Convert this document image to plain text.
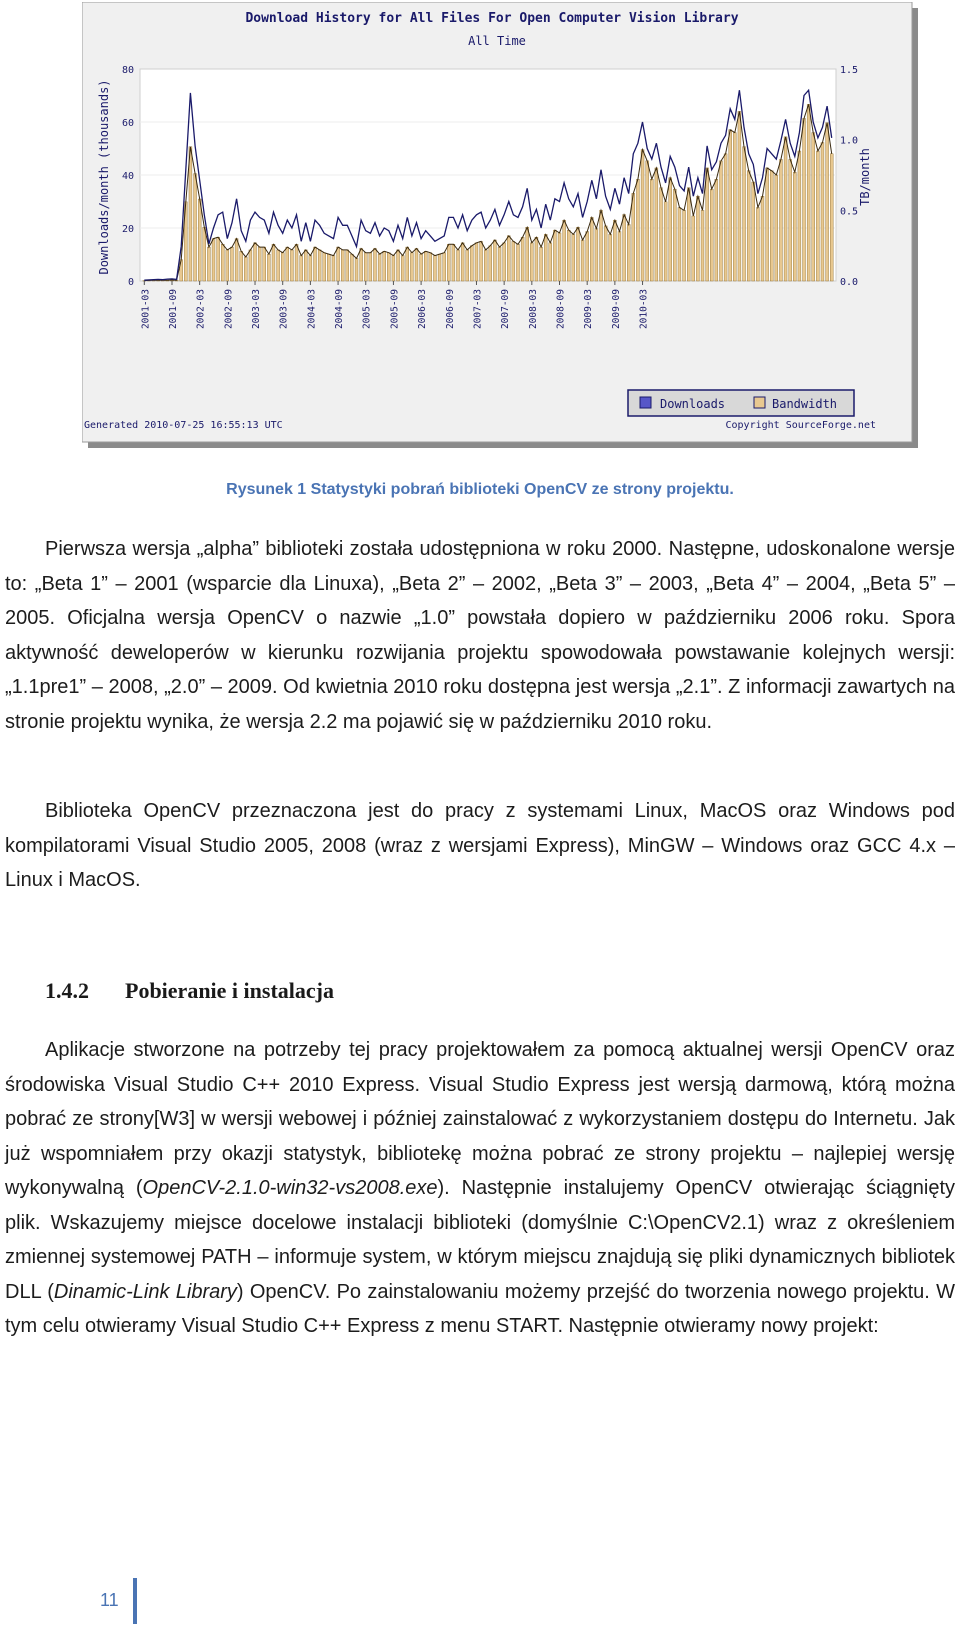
Download History for All Files For Open Computer Vision Library
All Time
Downloads/month (thousands)	TB/month
0
20
40
60
80
0.0
0.5
1.0
1.5
2001-03 2001-09 2002-03 2002-09 2003-03 2003-09 2004-03 2004-09 2005-03 2005-09 2006-03 2006-09 2007-03 2007-09 2008-03 2008-09 2009-03 2009-09 2010-03
Downloads	Bandwidth
Generated 2010-07-25 16:55:13 UTC	Copyright SourceForge.net
Rysunek 1 Statystyki pobrań biblioteki OpenCV ze strony projektu.
Pierwsza wersja „alpha” biblioteki została udostępniona w roku 2000. Następne, udoskonalone wersje to: „Beta 1” – 2001 (wsparcie dla Linuxa), „Beta 2” – 2002, „Beta 3” – 2003, „Beta 4” – 2004, „Beta 5” – 2005. Oficjalna wersja OpenCV o nazwie „1.0” powstała dopiero w październiku 2006 roku. Spora aktywność deweloperów w kierunku rozwijania projektu spowodowała powstawanie kolejnych wersji: „1.1pre1” – 2008, „2.0” – 2009. Od kwietnia 2010 roku dostępna jest wersja „2.1”. Z informacji zawartych na stronie projektu wynika, że wersja 2.2 ma pojawić się w październiku 2010 roku.
Biblioteka OpenCV przeznaczona jest do pracy z systemami Linux, MacOS oraz Windows pod kompilatorami Visual Studio 2005, 2008 (wraz z wersjami Express), MinGW – Windows oraz GCC 4.x – Linux i MacOS.
1.4.2 Pobieranie i instalacja
Aplikacje stworzone na potrzeby tej pracy projektowałem za pomocą aktualnej wersji OpenCV oraz środowiska Visual Studio C++ 2010 Express. Visual Studio Express jest wersją darmową, którą można pobrać ze strony[W3] w wersji webowej i później zainstalować z wykorzystaniem dostępu do Internetu. Jak już wspomniałem przy okazji statystyk, bibliotekę można pobrać ze strony projektu – najlepiej wersję wykonywalną (OpenCV-2.1.0-win32-vs2008.exe). Następnie instalujemy OpenCV otwierając ściągnięty plik. Wskazujemy miejsce docelowe instalacji biblioteki (domyślnie C:\OpenCV2.1) wraz z określeniem zmiennej systemowej PATH – informuje system, w którym miejscu znajdują się pliki dynamicznych bibliotek DLL (Dinamic-Link Library) OpenCV. Po zainstalowaniu możemy przejść do tworzenia nowego projektu. W tym celu otwieramy Visual Studio C++ Express z menu START. Następnie otwieramy nowy projekt:
11
